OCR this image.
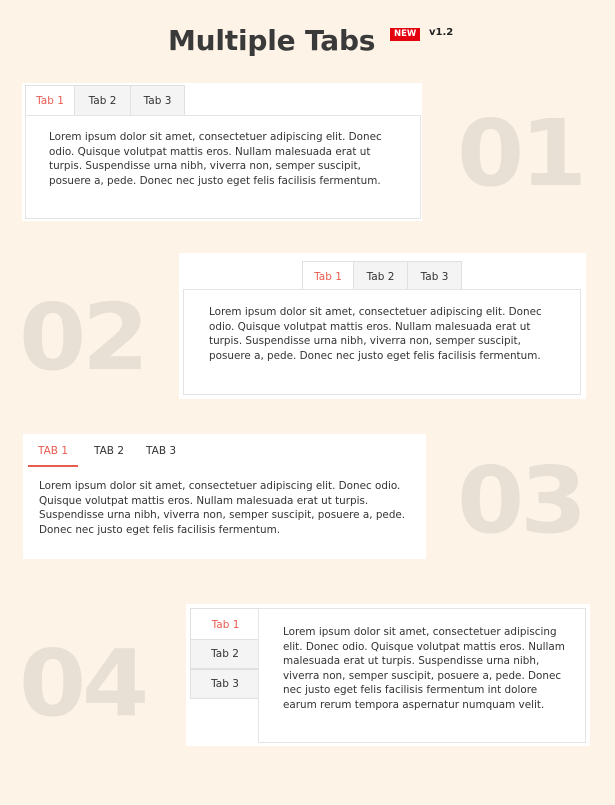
Multiple Tabs	NEW	v1.2
01
Tab 1	Tab 2	Tab 3

Lorem ipsum dolor sit amet, consectetuer adipiscing elit. Donec odio. Quisque volutpat mattis eros. Nullam malesuada erat ut turpis. Suspendisse urna nibh, viverra non, semper suscipit, posuere a, pede. Donec nec justo eget felis facilisis fermentum.

02
Tab 1	Tab 2	Tab 3

Lorem ipsum dolor sit amet, consectetuer adipiscing elit. Donec odio. Quisque volutpat mattis eros. Nullam malesuada erat ut turpis. Suspendisse urna nibh, viverra non, semper suscipit, posuere a, pede. Donec nec justo eget felis facilisis fermentum.

03
TAB 1	TAB 2 TAB 3

Lorem ipsum dolor sit amet, consectetuer adipiscing elit. Donec odio. Quisque volutpat mattis eros. Nullam malesuada erat ut turpis. Suspendisse urna nibh, viverra non, semper suscipit, posuere a, pede. Donec nec justo eget felis facilisis fermentum.

04
Tab 1
Tab 2
Tab 3

Lorem ipsum dolor sit amet, consectetuer adipiscing elit. Donec odio. Quisque volutpat mattis eros. Nullam malesuada erat ut turpis. Suspendisse urna nibh, viverra non, semper suscipit, posuere a, pede. Donec nec justo eget felis facilisis fermentum int dolore earum rerum tempora aspernatur numquam velit.
